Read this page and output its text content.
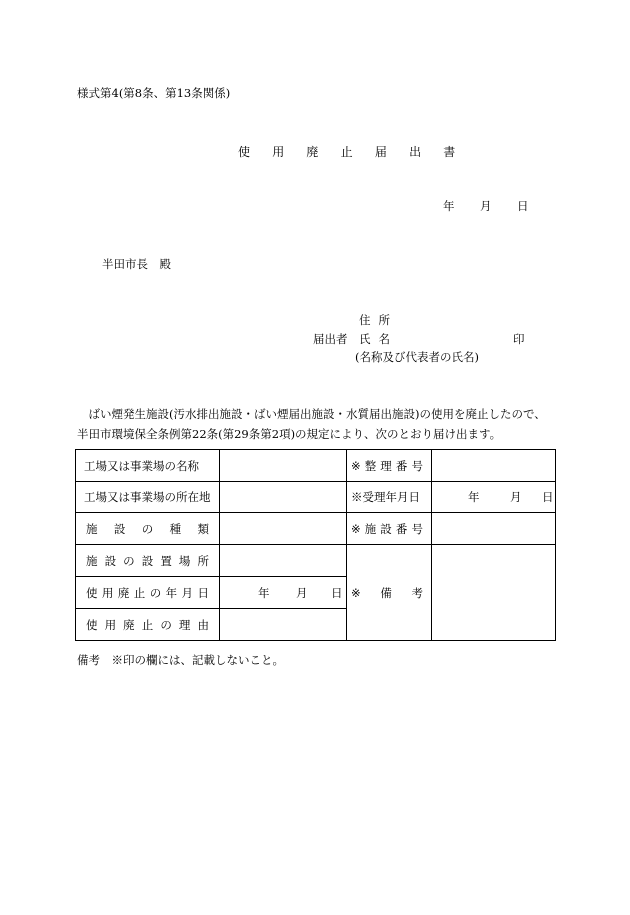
様式第4(第8条、第13条関係)
使 用 廃 止 届 出 書
年 月 日
半田市長　殿
住所
届出者 氏名	印
(名称及び代表者の氏名)
　ばい煙発生施設(汚水排出施設・ばい煙届出施設・水質届出施設)の使用を廃止したので、
半田市環境保全条例第22条(第29条第2項)の規定により、次のとおり届け出ます。
工場又は事業場の名称
工場又は事業場の所在地
施 設 の 種 類
施 設 の 設 置 場 所
使 用 廃 止 の 年 月 日
使 用 廃 止 の 理 由
年 月 日
※ 整 理 番 号
※受理年月日
※ 施 設 番 号
※ 備 考
年	月 日
備考　※印の欄には、記載しないこと。
